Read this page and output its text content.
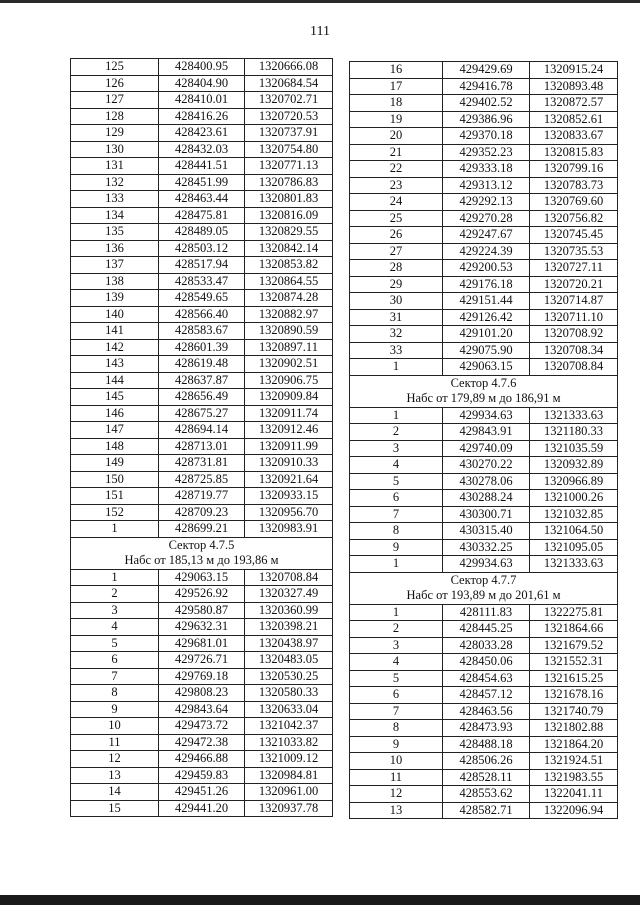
111
125	428400.95	1320666.08
126	428404.90	1320684.54
127	428410.01	1320702.71
128	428416.26	1320720.53
129	428423.61	1320737.91
130	428432.03	1320754.80
131	428441.51	1320771.13
132	428451.99	1320786.83
133	428463.44	1320801.83
134	428475.81	1320816.09
135	428489.05	1320829.55
136	428503.12	1320842.14
137	428517.94	1320853.82
138	428533.47	1320864.55
139	428549.65	1320874.28
140	428566.40	1320882.97
141	428583.67	1320890.59
142	428601.39	1320897.11
143	428619.48	1320902.51
144	428637.87	1320906.75
145	428656.49	1320909.84
146	428675.27	1320911.74
147	428694.14	1320912.46
148	428713.01	1320911.99
149	428731.81	1320910.33
150	428725.85	1320921.64
151	428719.77	1320933.15
152	428709.23	1320956.70
1	428699.21	1320983.91
Сектор 4.7.5		
Набс от 185,13 м до 193,86 м		
1	429063.15	1320708.84
2	429526.92	1320327.49
3	429580.87	1320360.99
4	429632.31	1320398.21
5	429681.01	1320438.97
6	429726.71	1320483.05
7	429769.18	1320530.25
8	429808.23	1320580.33
9	429843.64	1320633.04
10	429473.72	1321042.37
11	429472.38	1321033.82
12	429466.88	1321009.12
13	429459.83	1320984.81
14	429451.26	1320961.00
15	429441.20	1320937.78
16	429429.69	1320915.24
17	429416.78	1320893.48
18	429402.52	1320872.57
19	429386.96	1320852.61
20	429370.18	1320833.67
21	429352.23	1320815.83
22	429333.18	1320799.16
23	429313.12	1320783.73
24	429292.13	1320769.60
25	429270.28	1320756.82
26	429247.67	1320745.45
27	429224.39	1320735.53
28	429200.53	1320727.11
29	429176.18	1320720.21
30	429151.44	1320714.87
31	429126.42	1320711.10
32	429101.20	1320708.92
33	429075.90	1320708.34
1	429063.15	1320708.84
Сектор 4.7.6		
Набс от 179,89 м до 186,91 м		
1	429934.63	1321333.63
2	429843.91	1321180.33
3	429740.09	1321035.59
4	430270.22	1320932.89
5	430278.06	1320966.89
6	430288.24	1321000.26
7	430300.71	1321032.85
8	430315.40	1321064.50
9	430332.25	1321095.05
1	429934.63	1321333.63
Сектор 4.7.7		
Набс от 193,89 м до 201,61 м		
1	428111.83	1322275.81
2	428445.25	1321864.66
3	428033.28	1321679.52
4	428450.06	1321552.31
5	428454.63	1321615.25
6	428457.12	1321678.16
7	428463.56	1321740.79
8	428473.93	1321802.88
9	428488.18	1321864.20
10	428506.26	1321924.51
11	428528.11	1321983.55
12	428553.62	1322041.11
13	428582.71	1322096.94
